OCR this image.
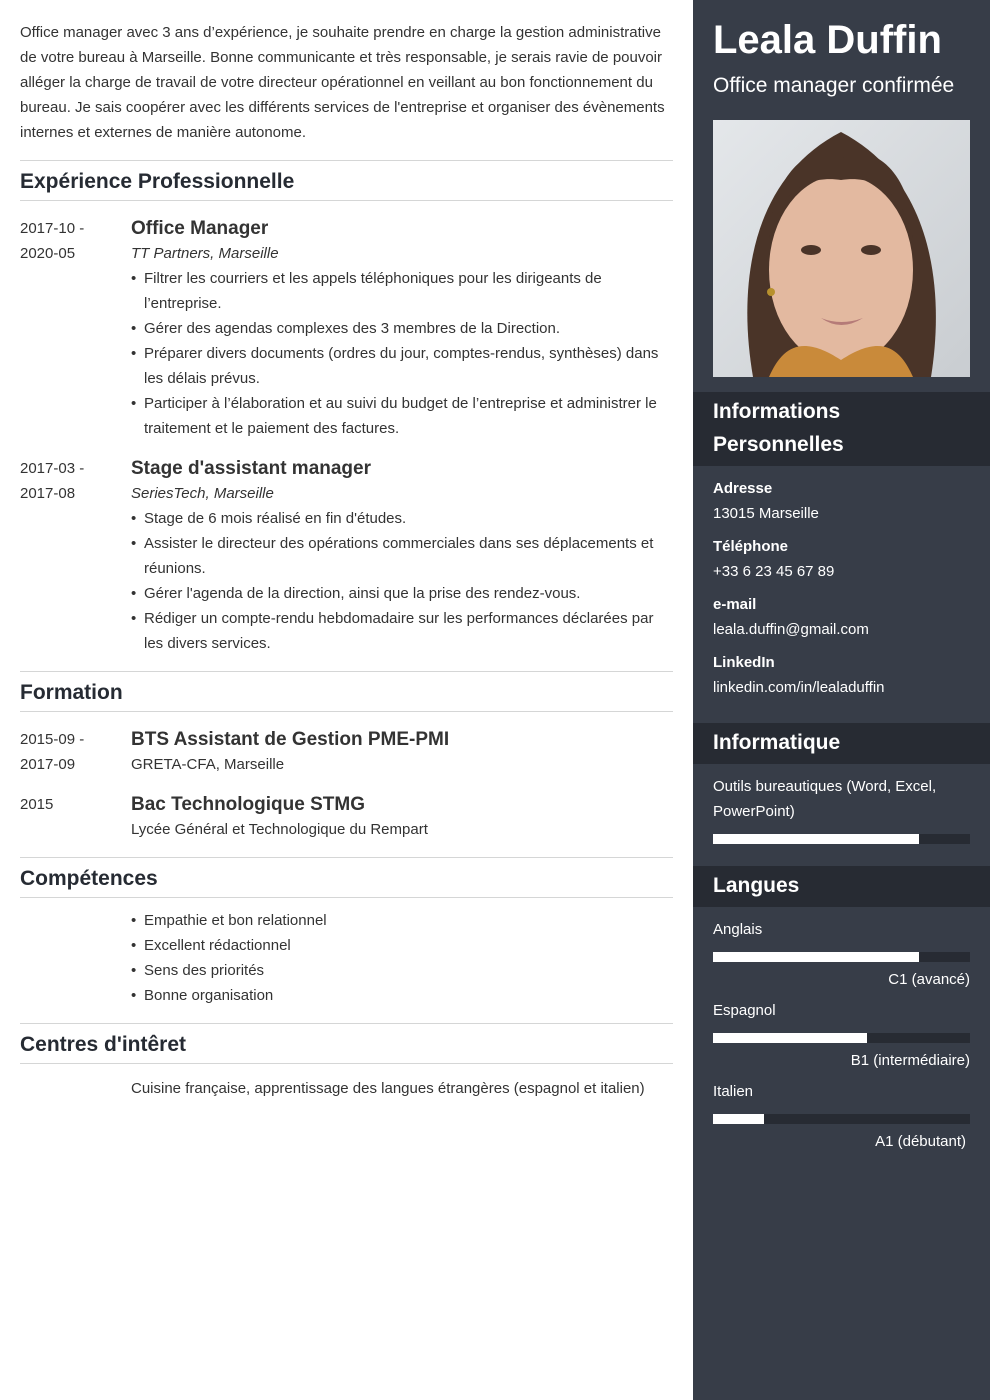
Office manager avec 3 ans d’expérience, je souhaite prendre en charge la gestion administrative de votre bureau à Marseille. Bonne communicante et très responsable, je serais ravie de pouvoir alléger la charge de travail de votre directeur opérationnel en veillant au bon fonctionnement du bureau. Je sais coopérer avec les différents services de l'entreprise et organiser des évènements internes et externes de manière autonome.

Expérience Professionnelle
2017-10 -
2020-05
Office Manager
TT Partners, Marseille
• Filtrer les courriers et les appels téléphoniques pour les dirigeants de l’entreprise.
• Gérer des agendas complexes des 3 membres de la Direction.
• Préparer divers documents (ordres du jour, comptes-rendus, synthèses) dans les délais prévus.
• Participer à l’élaboration et au suivi du budget de l’entreprise et administrer le traitement et le paiement des factures.
2017-03 -
2017-08
Stage d'assistant manager
SeriesTech, Marseille
• Stage de 6 mois réalisé en fin d'études.
• Assister le directeur des opérations commerciales dans ses déplacements et réunions.
• Gérer l'agenda de la direction, ainsi que la prise des rendez-vous.
• Rédiger un compte-rendu hebdomadaire sur les performances déclarées par les divers services.
Formation
2015-09 -
2017-09
BTS Assistant de Gestion PME-PMI
GRETA-CFA, Marseille
2015	Bac Technologique STMG
Lycée Général et Technologique du Rempart
Compétences
• Empathie et bon relationnel
• Excellent rédactionnel
• Sens des priorités
• Bonne organisation
Centres d'intêret
Cuisine française, apprentissage des langues étrangères (espagnol et italien)
Leala Duffin
Office manager confirmée
Informations Personnelles
Adresse
13015 Marseille
Téléphone
+33 6 23 45 67 89
e-mail
leala.duffin@gmail.com
LinkedIn
linkedin.com/in/lealaduffin
Informatique
Outils bureautiques (Word, Excel, PowerPoint)
Langues
Anglais
C1 (avancé)
Espagnol
B1 (intermédiaire)
Italien
A1 (débutant)
